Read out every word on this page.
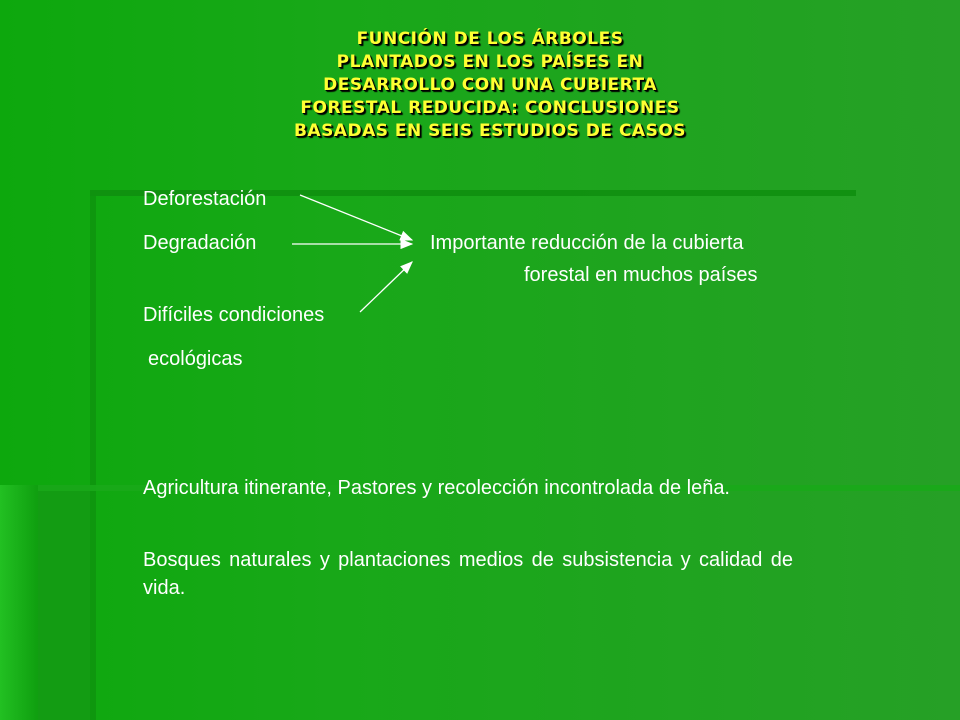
FUNCIÓN DE LOS ÁRBOLES
PLANTADOS EN LOS PAÍSES EN
DESARROLLO CON UNA CUBIERTA
FORESTAL REDUCIDA: CONCLUSIONES
BASADAS EN SEIS ESTUDIOS DE CASOS
Deforestación
Degradación
Difíciles condiciones
ecológicas
Importante reducción de la cubierta
forestal en muchos países
Agricultura itinerante, Pastores y recolección incontrolada de leña.
Bosques naturales y plantaciones medios de subsistencia y calidad de vida.
